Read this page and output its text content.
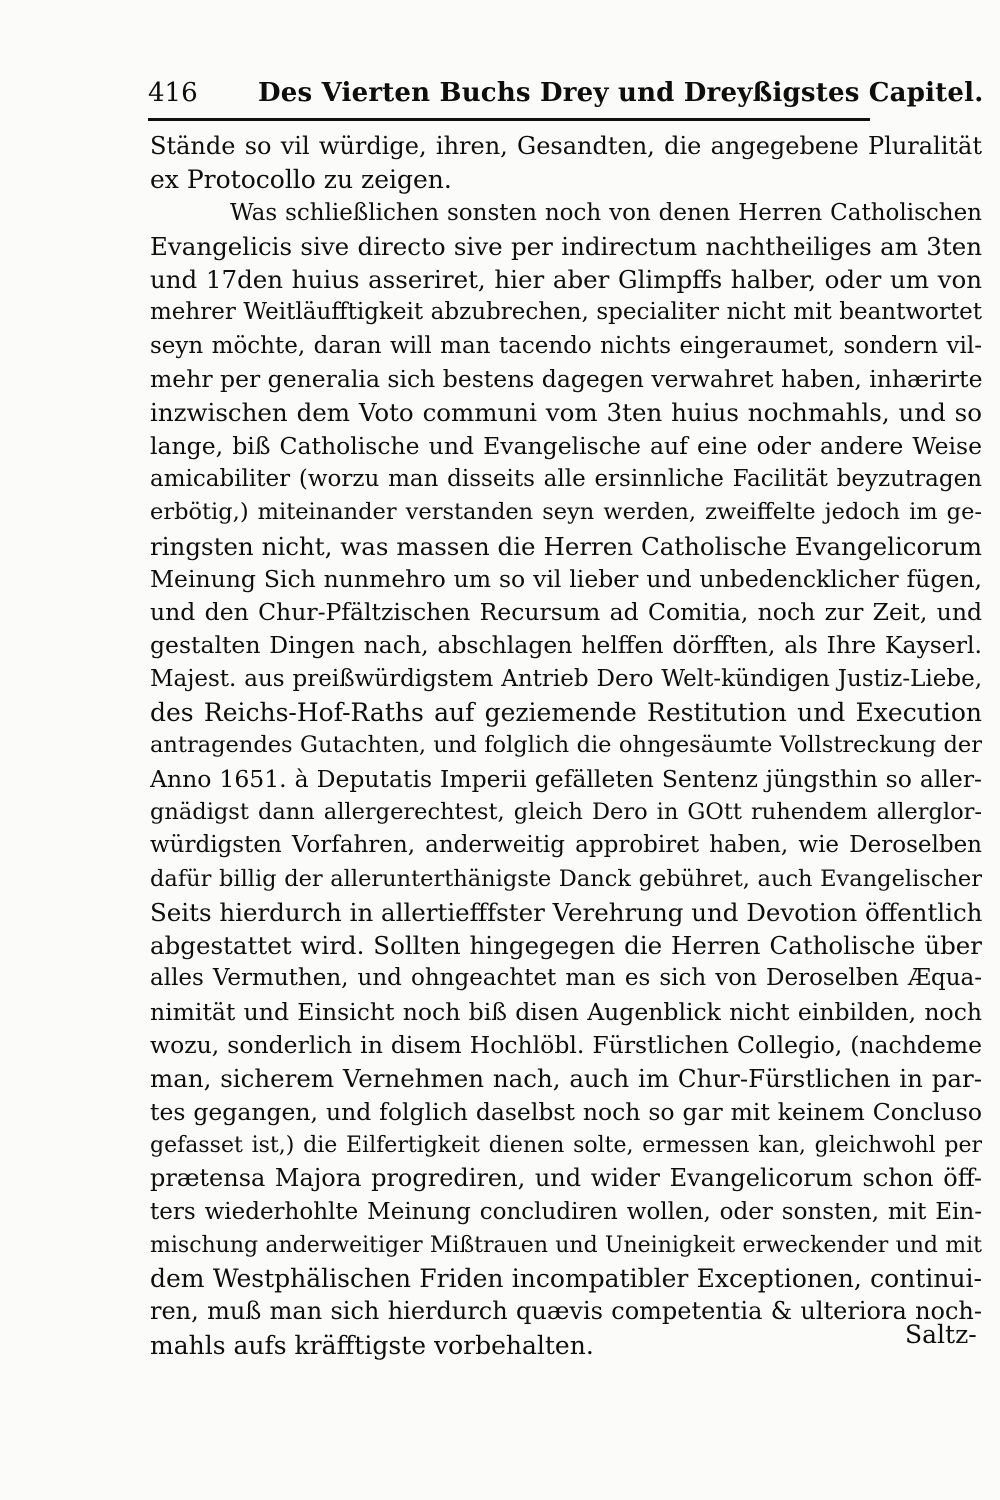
416 Des Vierten Buchs Drey und Dreyßigstes Capitel.
Stände so vil würdige, ihren, Gesandten, die angegebene Pluralität
ex Protocollo zu zeigen.
Was schließlichen sonsten noch von denen Herren Catholischen
Evangelicis sive directo sive per indirectum nachtheiliges am 3ten
und 17den huius asseriret, hier aber Glimpffs halber, oder um von
mehrer Weitläufftigkeit abzubrechen, specialiter nicht mit beantwortet
seyn möchte, daran will man tacendo nichts eingeraumet, sondern vil-
mehr per generalia sich bestens dagegen verwahret haben, inhærirte
inzwischen dem Voto communi vom 3ten huius nochmahls, und so
lange, biß Catholische und Evangelische auf eine oder andere Weise
amicabiliter (worzu man disseits alle ersinnliche Facilität beyzutragen
erbötig,) miteinander verstanden seyn werden, zweiffelte jedoch im ge-
ringsten nicht, was massen die Herren Catholische Evangelicorum
Meinung Sich nunmehro um so vil lieber und unbedencklicher fügen,
und den Chur-Pfältzischen Recursum ad Comitia, noch zur Zeit, und
gestalten Dingen nach, abschlagen helffen dörfften, als Ihre Kayserl.
Majest. aus preißwürdigstem Antrieb Dero Welt-kündigen Justiz-Liebe,
des Reichs-Hof-Raths auf geziemende Restitution und Execution
antragendes Gutachten, und folglich die ohngesäumte Vollstreckung der
Anno 1651. à Deputatis Imperii gefälleten Sentenz jüngsthin so aller-
gnädigst dann allergerechtest, gleich Dero in GOtt ruhendem allerglor-
würdigsten Vorfahren, anderweitig approbiret haben, wie Deroselben
dafür billig der allerunterthänigste Danck gebühret, auch Evangelischer
Seits hierdurch in allertiefffster Verehrung und Devotion öffentlich
abgestattet wird. Sollten hingegegen die Herren Catholische über
alles Vermuthen, und ohngeachtet man es sich von Deroselben Æqua-
nimität und Einsicht noch biß disen Augenblick nicht einbilden, noch
wozu, sonderlich in disem Hochlöbl. Fürstlichen Collegio, (nachdeme
man, sicherem Vernehmen nach, auch im Chur-Fürstlichen in par-
tes gegangen, und folglich daselbst noch so gar mit keinem Concluso
gefasset ist,) die Eilfertigkeit dienen solte, ermessen kan, gleichwohl per
prætensa Majora progrediren, und wider Evangelicorum schon öff-
ters wiederhohlte Meinung concludiren wollen, oder sonsten, mit Ein-
mischung anderweitiger Mißtrauen und Uneinigkeit erweckender und mit
dem Westphälischen Friden incompatibler Exceptionen, continui-
ren, muß man sich hierdurch quævis competentia & ulteriora noch-
mahls aufs kräfftigste vorbehalten.	Saltz-
